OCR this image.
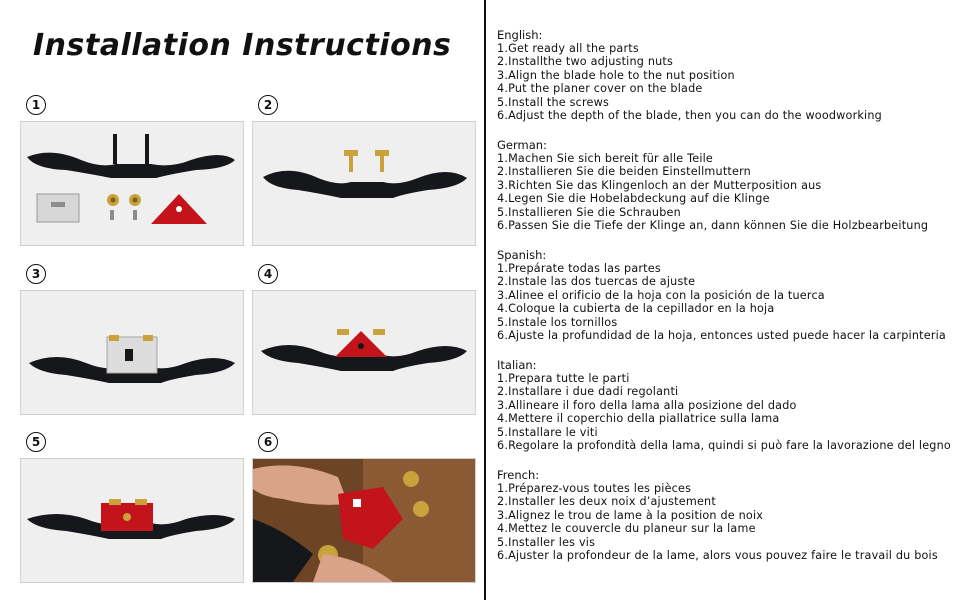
Installation Instructions
1	2
3	4
5	6
English:
1.Get ready all the parts
2.Installthe two adjusting nuts
3.Align the blade hole to the nut position
4.Put the planer cover on the blade
5.Install the screws
6.Adjust the depth of the blade, then you can do the woodworking
German:
1.Machen Sie sich bereit für alle Teile
2.Installieren Sie die beiden Einstellmuttern
3.Richten Sie das Klingenloch an der Mutterposition aus
4.Legen Sie die Hobelabdeckung auf die Klinge
5.Installieren Sie die Schrauben
6.Passen Sie die Tiefe der Klinge an, dann können Sie die Holzbearbeitung
Spanish:
1.Prepárate todas las partes
2.Instale las dos tuercas de ajuste
3.Alinee el orificio de la hoja con la posición de la tuerca
4.Coloque la cubierta de la cepillador en la hoja
5.Instale los tornillos
6.Ajuste la profundidad de la hoja, entonces usted puede hacer la carpinteria
Italian:
1.Prepara tutte le parti
2.Installare i due dadi regolanti
3.Allineare il foro della lama alla posizione del dado
4.Mettere il coperchio della piallatrice sulla lama
5.Installare le viti
6.Regolare la profondità della lama, quindi si può fare la lavorazione del legno
French:
1.Préparez-vous toutes les pièces
2.Installer les deux noix d’ajustement
3.Alignez le trou de lame à la position de noix
4.Mettez le couvercle du planeur sur la lame
5.Installer les vis
6.Ajuster la profondeur de la lame, alors vous pouvez faire le travail du bois
